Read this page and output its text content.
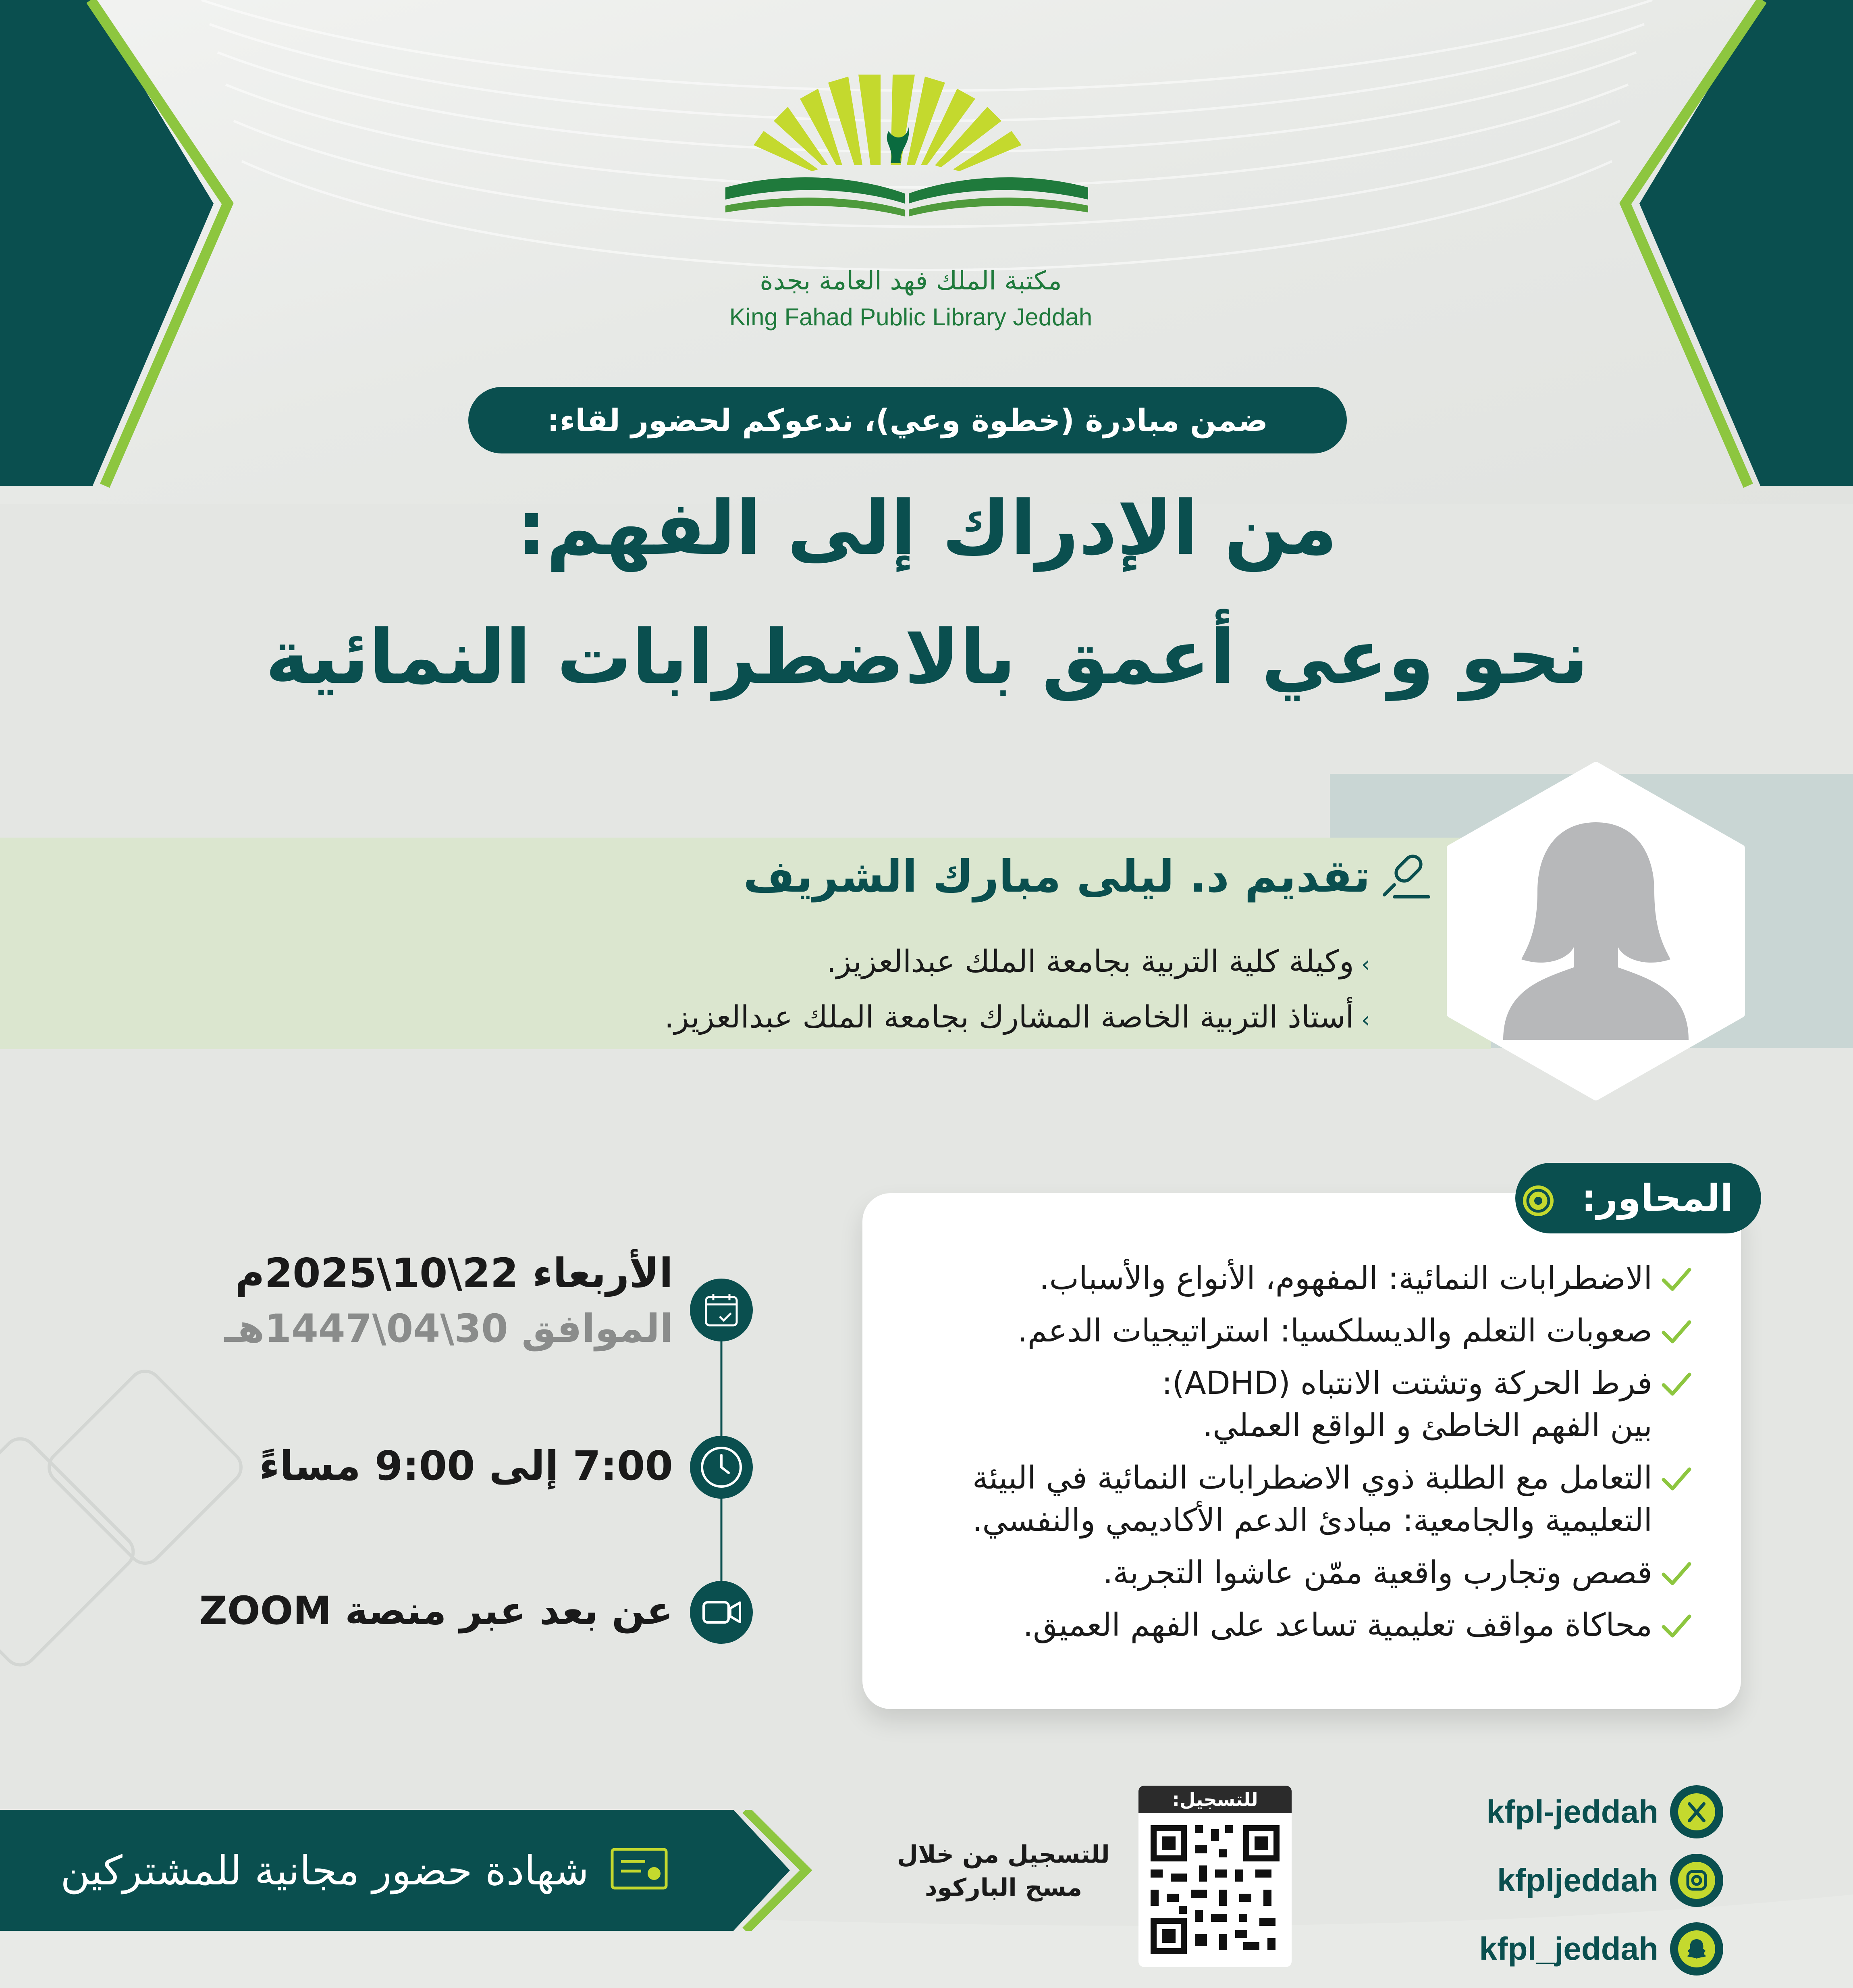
مكتبة الملك فهد العامة بجدة
King Fahad Public Library Jeddah
ضمن مبادرة (خطوة وعي)، ندعوكم لحضور لقاء:
من الإدراك إلى الفهم:
نحو وعي أعمق بالاضطرابات النمائية
تقديم د. ليلى مبارك الشريف
› وكيلة كلية التربية بجامعة الملك عبدالعزيز.
› أستاذ التربية الخاصة المشارك بجامعة الملك عبدالعزيز.
المحاور:
الاضطرابات النمائية: المفهوم، الأنواع والأسباب.
صعوبات التعلم والديسلكسيا: استراتيجيات الدعم.
فرط الحركة وتشتت الانتباه (ADHD):
بين الفهم الخاطئ و الواقع العملي.
التعامل مع الطلبة ذوي الاضطرابات النمائية في البيئة
التعليمية والجامعية: مبادئ الدعم الأكاديمي والنفسي.
قصص وتجارب واقعية ممّن عاشوا التجربة.
محاكاة مواقف تعليمية تساعد على الفهم العميق.
الأربعاء 22\10\2025م
الموافق 30\04\1447هـ
7:00 إلى 9:00 مساءً
عن بعد عبر منصة ZOOM
شهادة حضور مجانية للمشتركين
للتسجيل:
للتسجيل من خلال
مسح الباركود
kfpl-jeddah
kfpljeddah
kfpl_jeddah
